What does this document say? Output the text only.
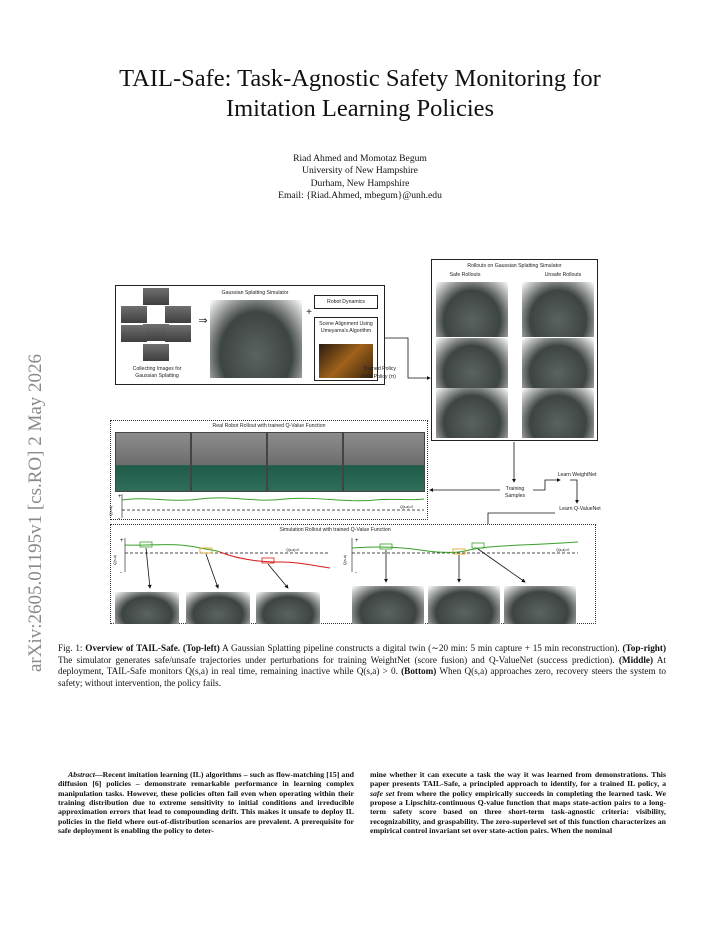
arXiv:2605.01195v1 [cs.RO] 2 May 2026
TAIL-Safe: Task-Agnostic Safety Monitoring for
Imitation Learning Policies
Riad Ahmed and Momotaz Begum
University of New Hampshire
Durham, New Hampshire
Email: {Riad.Ahmed, mbegum}@unh.edu
Collecting Images for Gaussian Splatting
⇒
Gaussian Splatting Simulator
+
Robot Dynamics
Scene Alignment Using Umeyama's Algorithm
Trained Policy
Flow Policy (π)
Rollouts on Gaussian Splatting Simulator
Safe Rollouts	Unsafe Rollouts
Training Samples
Learn WeightNet
Learn Q-ValueNet
Real Robot Rollout with trained Q-Value Function
Simulation Rollout with trained Q-Value Function
+
-
Q(s,a)	Q(s,a)=0
+
-
Q(s,a)
Q(s,a)=0
+
-
Q(s,a)
Q(s,a)=0
Fig. 1: Overview of TAIL-Safe. (Top-left) A Gaussian Splatting pipeline constructs a digital twin (∼20 min: 5 min capture + 15 min reconstruction). (Top-right) The simulator generates safe/unsafe trajectories under perturbations for training WeightNet (score fusion) and Q-ValueNet (success prediction). (Middle) At deployment, TAIL-Safe monitors Q(s,a) in real time, remaining inactive while Q(s,a) > 0. (Bottom) When Q(s,a) approaches zero, recovery steers the system to safety; without intervention, the policy fails.
Abstract—Recent imitation learning (IL) algorithms – such as flow-matching [15] and diffusion [6] policies – demonstrate remarkable performance in learning complex manipulation tasks. However, these policies often fail even when operating within their training distribution due to extreme sensitivity to initial conditions and irreducible approximation errors that lead to compounding drift. This makes it unsafe to deploy IL policies in the field where out-of-distribution scenarios are prevalent. A prerequisite for safe deployment is enabling the policy to deter-
mine whether it can execute a task the way it was learned from demonstrations. This paper presents TAIL-Safe, a principled approach to identify, for a trained IL policy, a safe set from where the policy empirically succeeds in completing the learned task. We propose a Lipschitz-continuous Q-value function that maps state-action pairs to a long-term safety score based on three short-term task-agnostic criteria: visibility, recognizability, and graspability. The zero-superlevel set of this function characterizes an empirical control invariant set over state-action pairs. When the nominal
